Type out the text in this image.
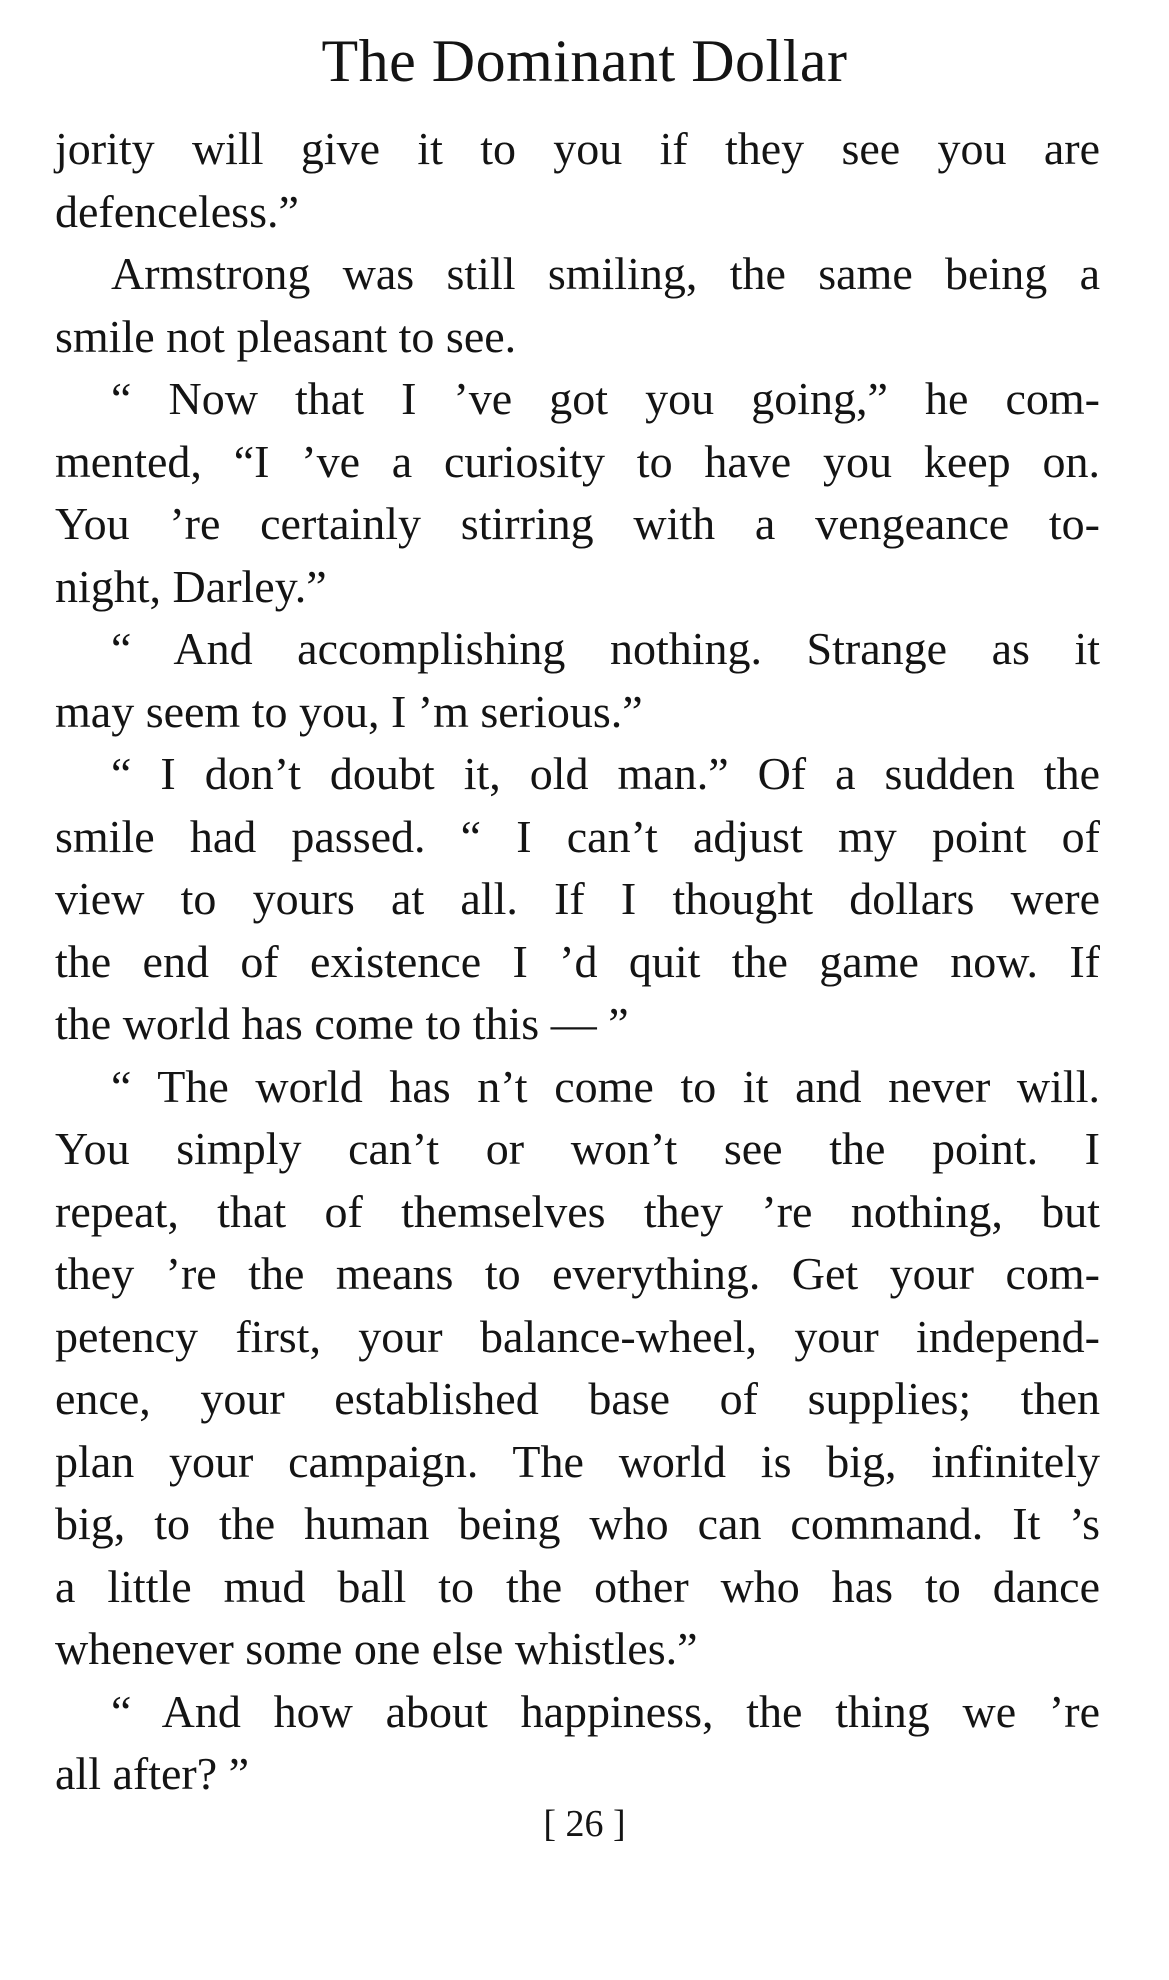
The Dominant Dollar
jority will give it to you if they see you are
defenceless.”
Armstrong was still smiling, the same being a
smile not pleasant to see.
“ Now that I ’ve got you going,” he com-
mented, “I ’ve a curiosity to have you keep on.
You ’re certainly stirring with a vengeance to-
night, Darley.”
“ And accomplishing nothing. Strange as it
may seem to you, I ’m serious.”
“ I don’t doubt it, old man.” Of a sudden the
smile had passed. “ I can’t adjust my point of
view to yours at all. If I thought dollars were
the end of existence I ’d quit the game now. If
the world has come to this — ”
“ The world has n’t come to it and never will.
You simply can’t or won’t see the point. I
repeat, that of themselves they ’re nothing, but
they ’re the means to everything. Get your com-
petency first, your balance-wheel, your independ-
ence, your established base of supplies; then
plan your campaign. The world is big, infinitely
big, to the human being who can command. It ’s
a little mud ball to the other who has to dance
whenever some one else whistles.”
“ And how about happiness, the thing we ’re
all after? ”
[ 26 ]
